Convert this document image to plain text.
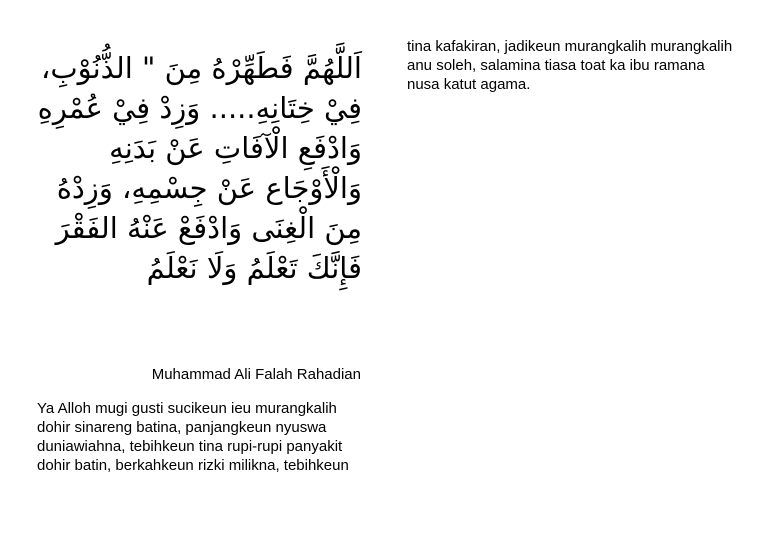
اَللَّهُمَّ فَطَهِّرْهُ مِنَ " الذُّنُوْبِ، فِيْ خِتَانِهِ..... وَزِدْ فِيْ عُمْرِهِ وَادْفَعِ الْآفَاتِ عَنْ بَدَنِهِ وَالْأَوْجَاع عَنْ جِسْمِهِ، وَزِدْهُ مِنَ الْغِنَى وَادْفَعْ عَنْهُ الفَقْرَ فَإِنَّكَ تَعْلَمُ وَلَا نَعْلَمُ
Muhammad Ali Falah Rahadian
Ya Alloh mugi gusti sucikeun ieu murangkalih dohir sinareng batina, panjangkeun nyuswa duniawiahna, tebihkeun tina rupi-rupi panyakit dohir batin, berkahkeun rizki milikna, tebihkeun
tina kafakiran, jadikeun murangkalih murangkalih anu soleh, salamina tiasa toat ka ibu ramana nusa katut agama.
